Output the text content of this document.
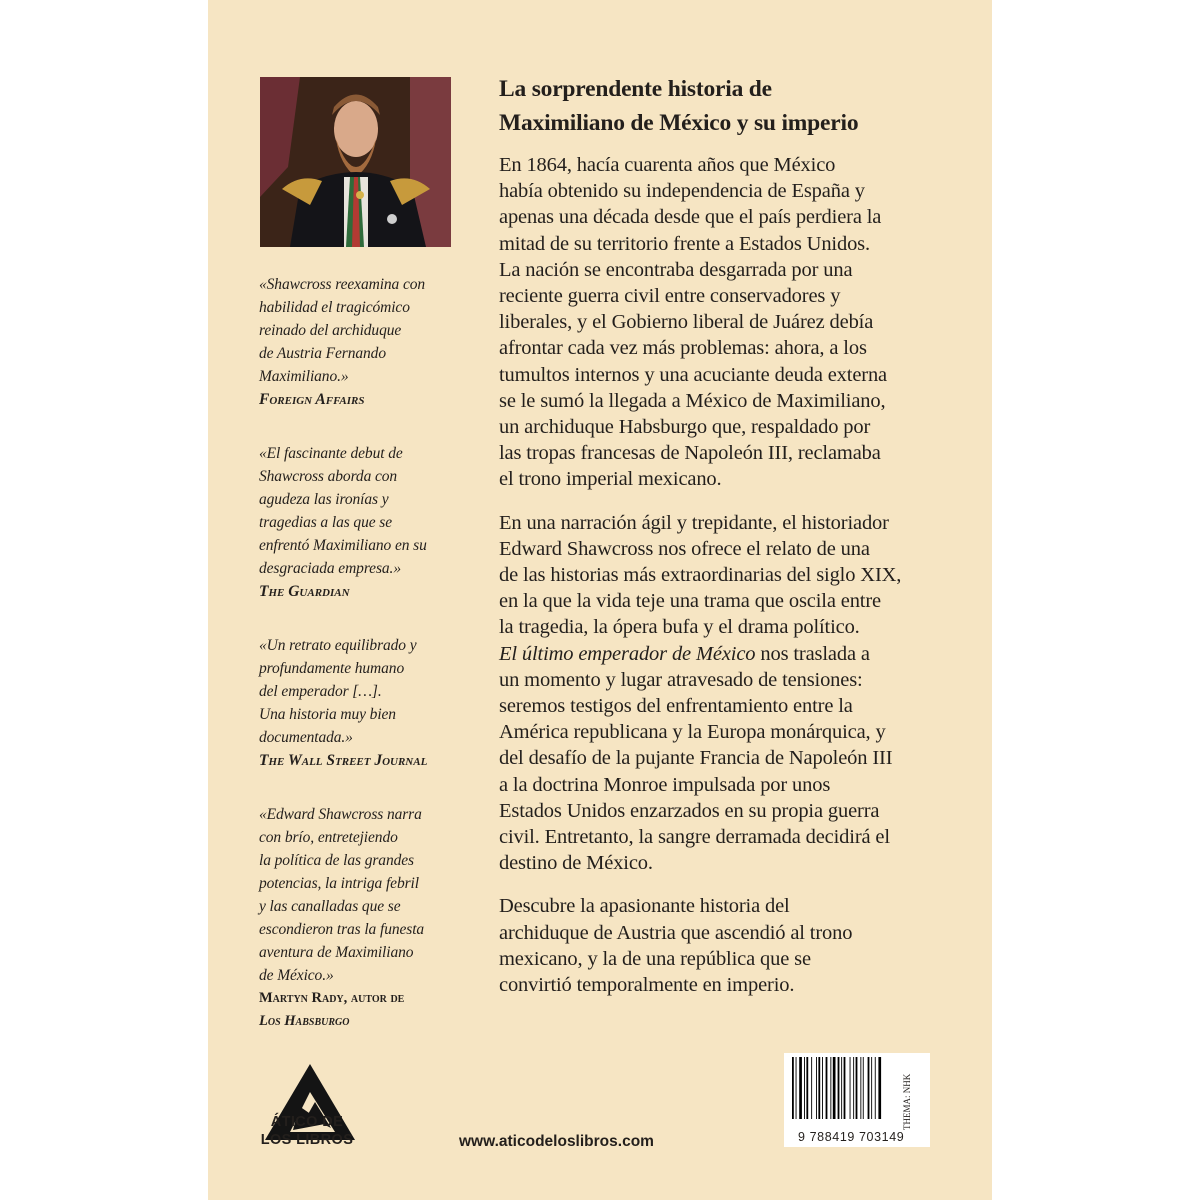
«Shawcross reexamina con
habilidad el tragicómico
reinado del archiduque
de Austria Fernando
Maximiliano.»
Foreign Affairs
«El fascinante debut de
Shawcross aborda con
agudeza las ironías y
tragedias a las que se
enfrentó Maximiliano en su
desgraciada empresa.»
The Guardian
«Un retrato equilibrado y
profundamente humano
del emperador […].
Una historia muy bien
documentada.»
The Wall Street Journal
«Edward Shawcross narra
con brío, entretejiendo
la política de las grandes
potencias, la intriga febril
y las canalladas que se
escondieron tras la funesta
aventura de Maximiliano
de México.»
Martyn Rady, autor de
Los Habsburgo
La sorprendente historia de
Maximiliano de México y su imperio
En 1864, hacía cuarenta años que México
había obtenido su independencia de España y
apenas una década desde que el país perdiera la
mitad de su territorio frente a Estados Unidos.
La nación se encontraba desgarrada por una
reciente guerra civil entre conservadores y
liberales, y el Gobierno liberal de Juárez debía
afrontar cada vez más problemas: ahora, a los
tumultos internos y una acuciante deuda externa
se le sumó la llegada a México de Maximiliano,
un archiduque Habsburgo que, respaldado por
las tropas francesas de Napoleón III, reclamaba
el trono imperial mexicano.
En una narración ágil y trepidante, el historiador
Edward Shawcross nos ofrece el relato de una
de las historias más extraordinarias del siglo XIX,
en la que la vida teje una trama que oscila entre
la tragedia, la ópera bufa y el drama político.
El último emperador de México nos traslada a
un momento y lugar atravesado de tensiones:
seremos testigos del enfrentamiento entre la
América republicana y la Europa monárquica, y
del desafío de la pujante Francia de Napoleón III
a la doctrina Monroe impulsada por unos
Estados Unidos enzarzados en su propia guerra
civil. Entretanto, la sangre derramada decidirá el
destino de México.
Descubre la apasionante historia del
archiduque de Austria que ascendió al trono
mexicano, y la de una república que se
convirtió temporalmente en imperio.
ÁTICO DE
LOS LIBROS	www.aticodeloslibros.com	9 788419 703149
THEMA: NHK
